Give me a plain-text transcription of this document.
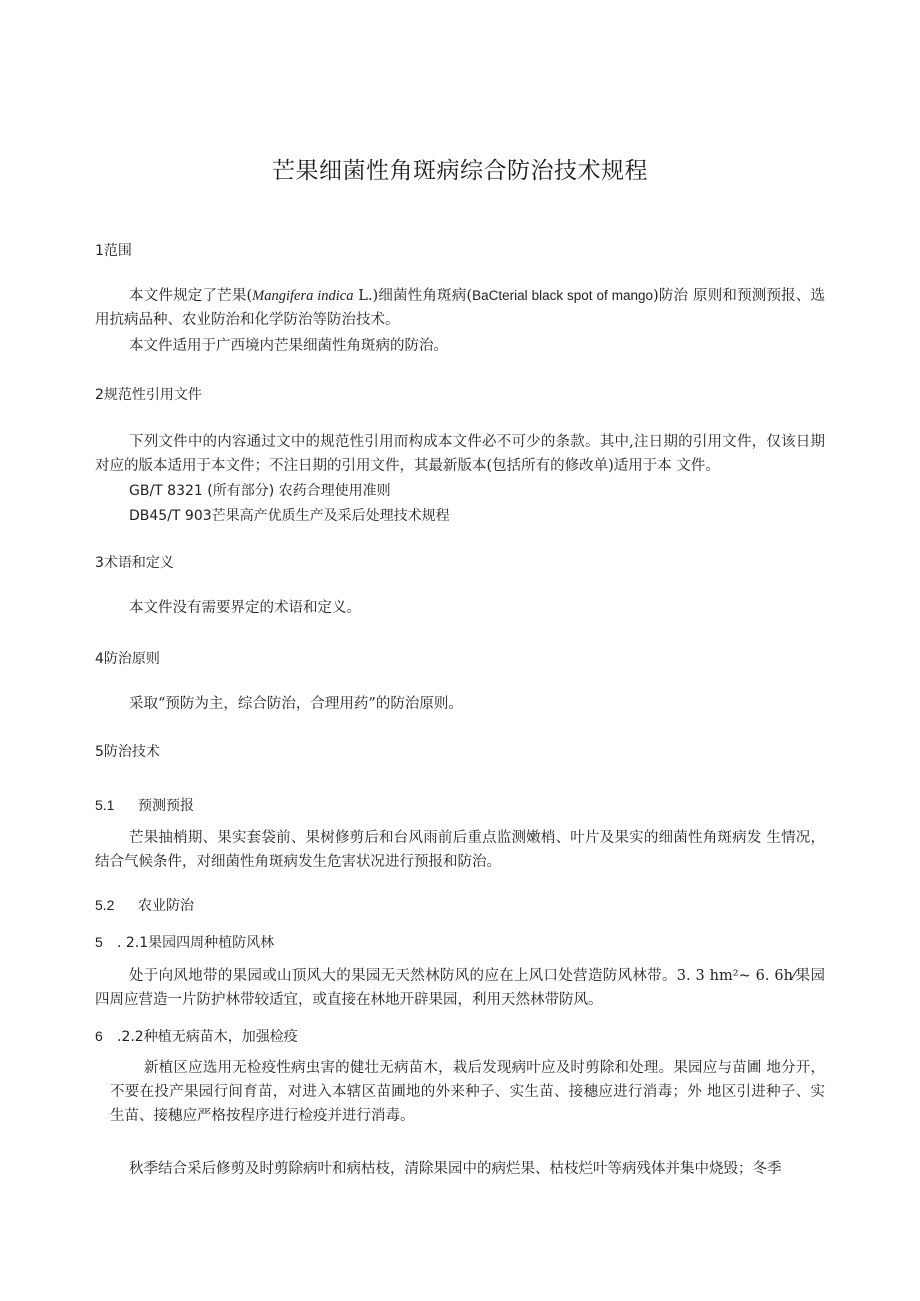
芒果细菌性角斑病综合防治技术规程
1范围
本文件规定了芒果(Mangifera indica L.)细菌性角斑病(BaCterial black spot of mango)防治 原则和预测预报、选用抗病品种、农业防治和化学防治等防治技术。
本文件适用于广西境内芒果细菌性角斑病的防治。
2规范性引用文件
下列文件中的内容通过文中的规范性引用而构成本文件必不可少的条款。其中,注日期的引用文件，仅该日期对应的版本适用于本文件；不注日期的引用文件，其最新版本(包括所有的修改单)适用于本 文件。
GB/T 8321 (所有部分) 农药合理使用准则
DB45/T 903芒果高产优质生产及采后处理技术规程
3术语和定义
本文件没有需要界定的术语和定义。
4防治原则
采取“预防为主，综合防治，合理用药”的防治原则。
5防治技术
5.1 预测预报
芒果抽梢期、果实套袋前、果树修剪后和台风雨前后重点监测嫩梢、叶片及果实的细菌性角斑病发 生情况，结合气候条件，对细菌性角斑病发生危害状况进行预报和防治。
5.2 农业防治
5 . 2.1果园四周种植防风林
处于向风地带的果园或山顶风大的果园无天然林防风的应在上风口处营造防风林带。3. 3 hm²~ 6. 6h⁄果园四周应营造一片防护林带较适宜，或直接在林地开辟果园，利用天然林带防风。
6 .2.2种植无病苗木，加强检疫
新植区应选用无检疫性病虫害的健壮无病苗木，栽后发现病叶应及时剪除和处理。果园应与苗圃 地分开，不要在投产果园行间育苗，对进入本辖区苗圃地的外来种子、实生苗、接穗应进行消毒；外 地区引进种子、实生苗、接穗应严格按程序进行检疫并进行消毒。
秋季结合采后修剪及时剪除病叶和病枯枝，清除果园中的病烂果、枯枝烂叶等病残体并集中烧毁；冬季
